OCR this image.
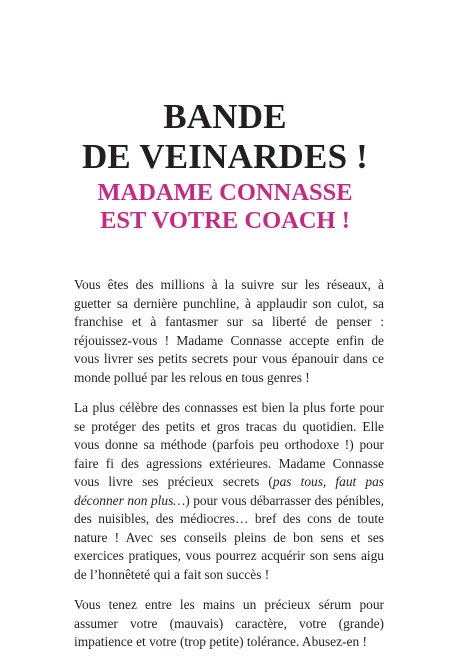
BANDE
DE VEINARDES !
MADAME CONNASSE
EST VOTRE COACH !

Vous êtes des millions à la suivre sur les réseaux, à guetter sa dernière punchline, à applaudir son culot, sa franchise et à fantasmer sur sa liberté de penser : réjouissez-vous ! Madame Connasse accepte enfin de vous livrer ses petits secrets pour vous épanouir dans ce monde pollué par les relous en tous genres !

La plus célèbre des connasses est bien la plus forte pour se protéger des petits et gros tracas du quotidien. Elle vous donne sa méthode (parfois peu orthodoxe !) pour faire fi des agressions extérieures. Madame Connasse vous livre ses précieux secrets (pas tous, faut pas déconner non plus…) pour vous débarrasser des pénibles, des nuisibles, des médiocres… bref des cons de toute nature ! Avec ses conseils pleins de bon sens et ses exercices pratiques, vous pourrez acquérir son sens aigu de l’honnêteté qui a fait son succès !

Vous tenez entre les mains un précieux sérum pour assumer votre (mauvais) caractère, votre (grande) impatience et votre (trop petite) tolérance. Abusez-en !
